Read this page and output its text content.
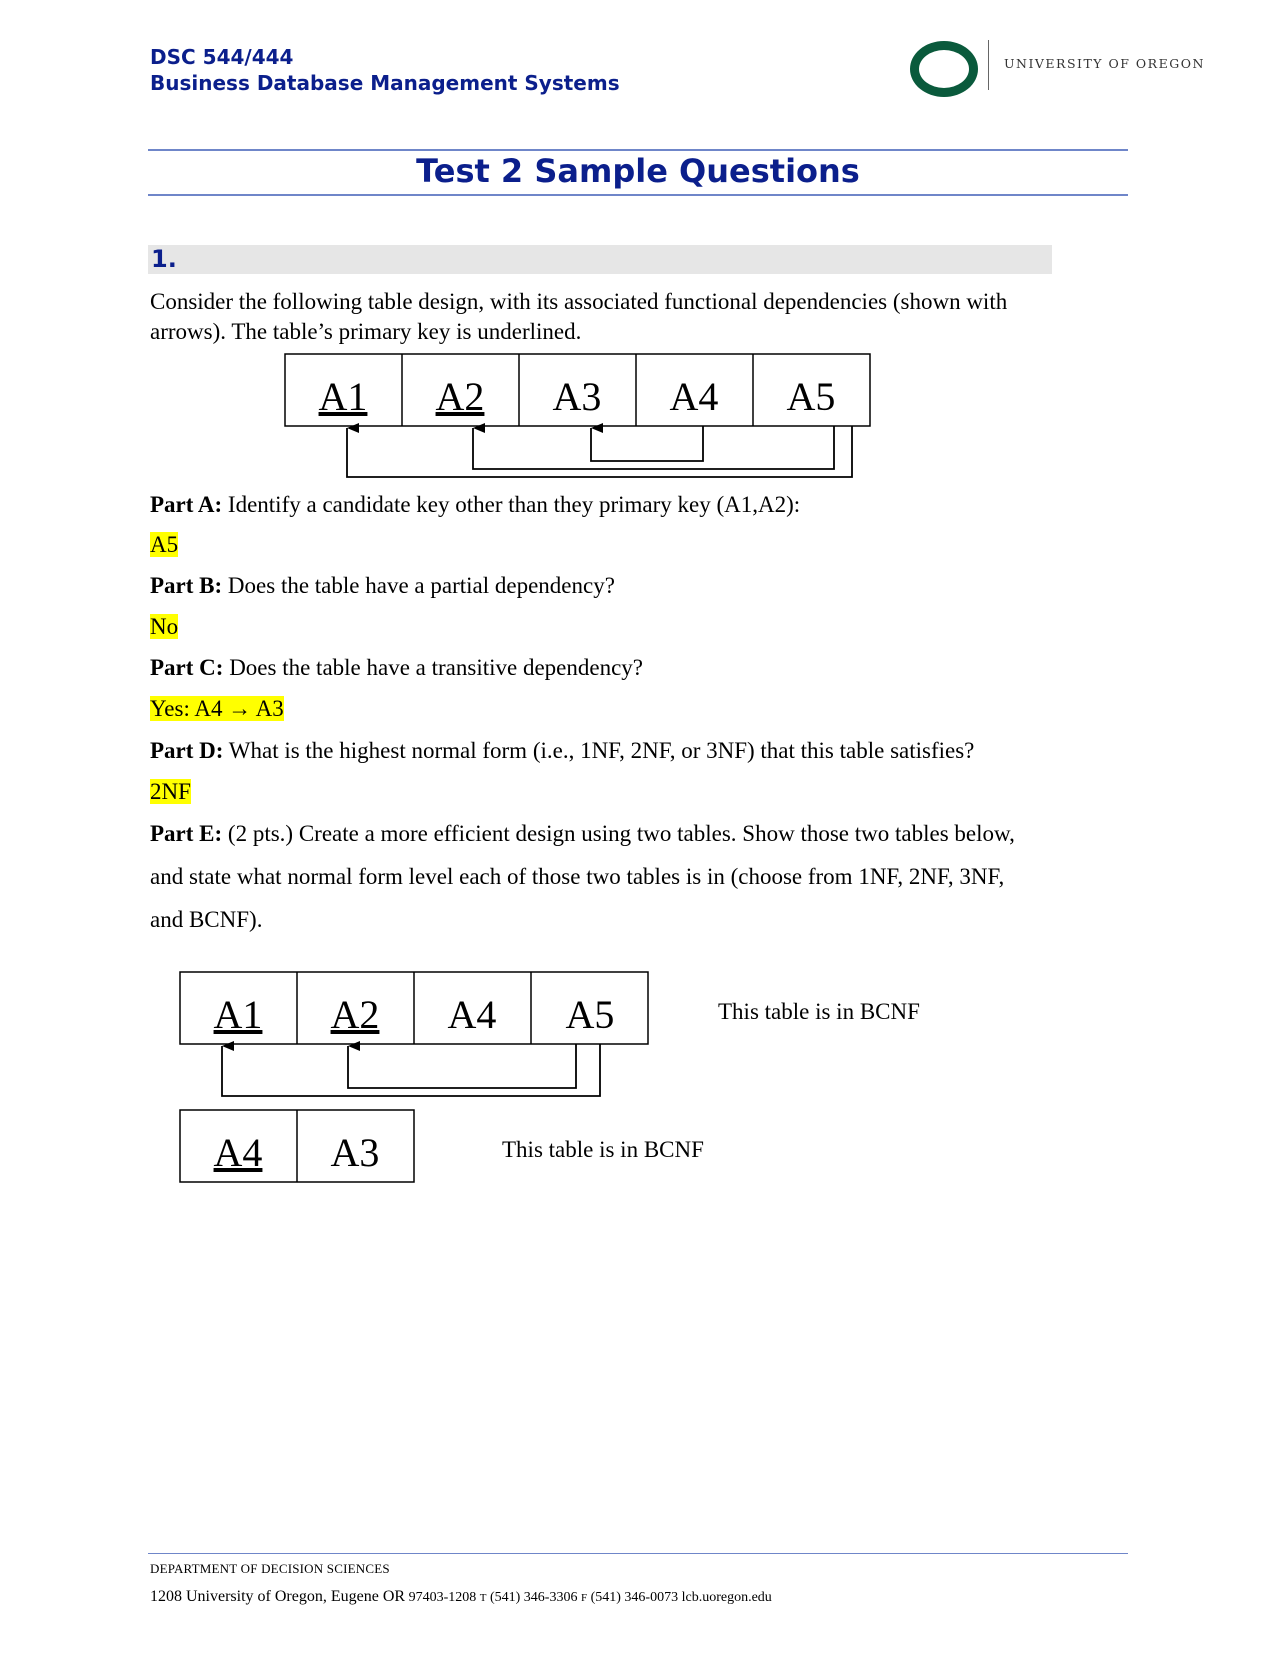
DSC 544/444
Business Database Management Systems
UNIVERSITY OF OREGON
Test 2 Sample Questions
1.
Consider the following table design, with its associated functional dependencies (shown with
arrows). The table’s primary key is underlined.
A1 A2 A3 A4 A5
Part A: Identify a candidate key other than they primary key (A1,A2):
A5
Part B: Does the table have a partial dependency?
No
Part C: Does the table have a transitive dependency?
Yes: A4 → A3
Part D: What is the highest normal form (i.e., 1NF, 2NF, or 3NF) that this table satisfies?
2NF
Part E: (2 pts.) Create a more efficient design using two tables. Show those two tables below,
and state what normal form level each of those two tables is in (choose from 1NF, 2NF, 3NF,
and BCNF).
A1 A2 A4 A5	This table is in BCNF
A4 A3	This table is in BCNF
DEPARTMENT OF DECISION SCIENCES
1208 University of Oregon, Eugene OR 97403-1208 T (541) 346-3306 F (541) 346-0073 lcb.uoregon.edu
